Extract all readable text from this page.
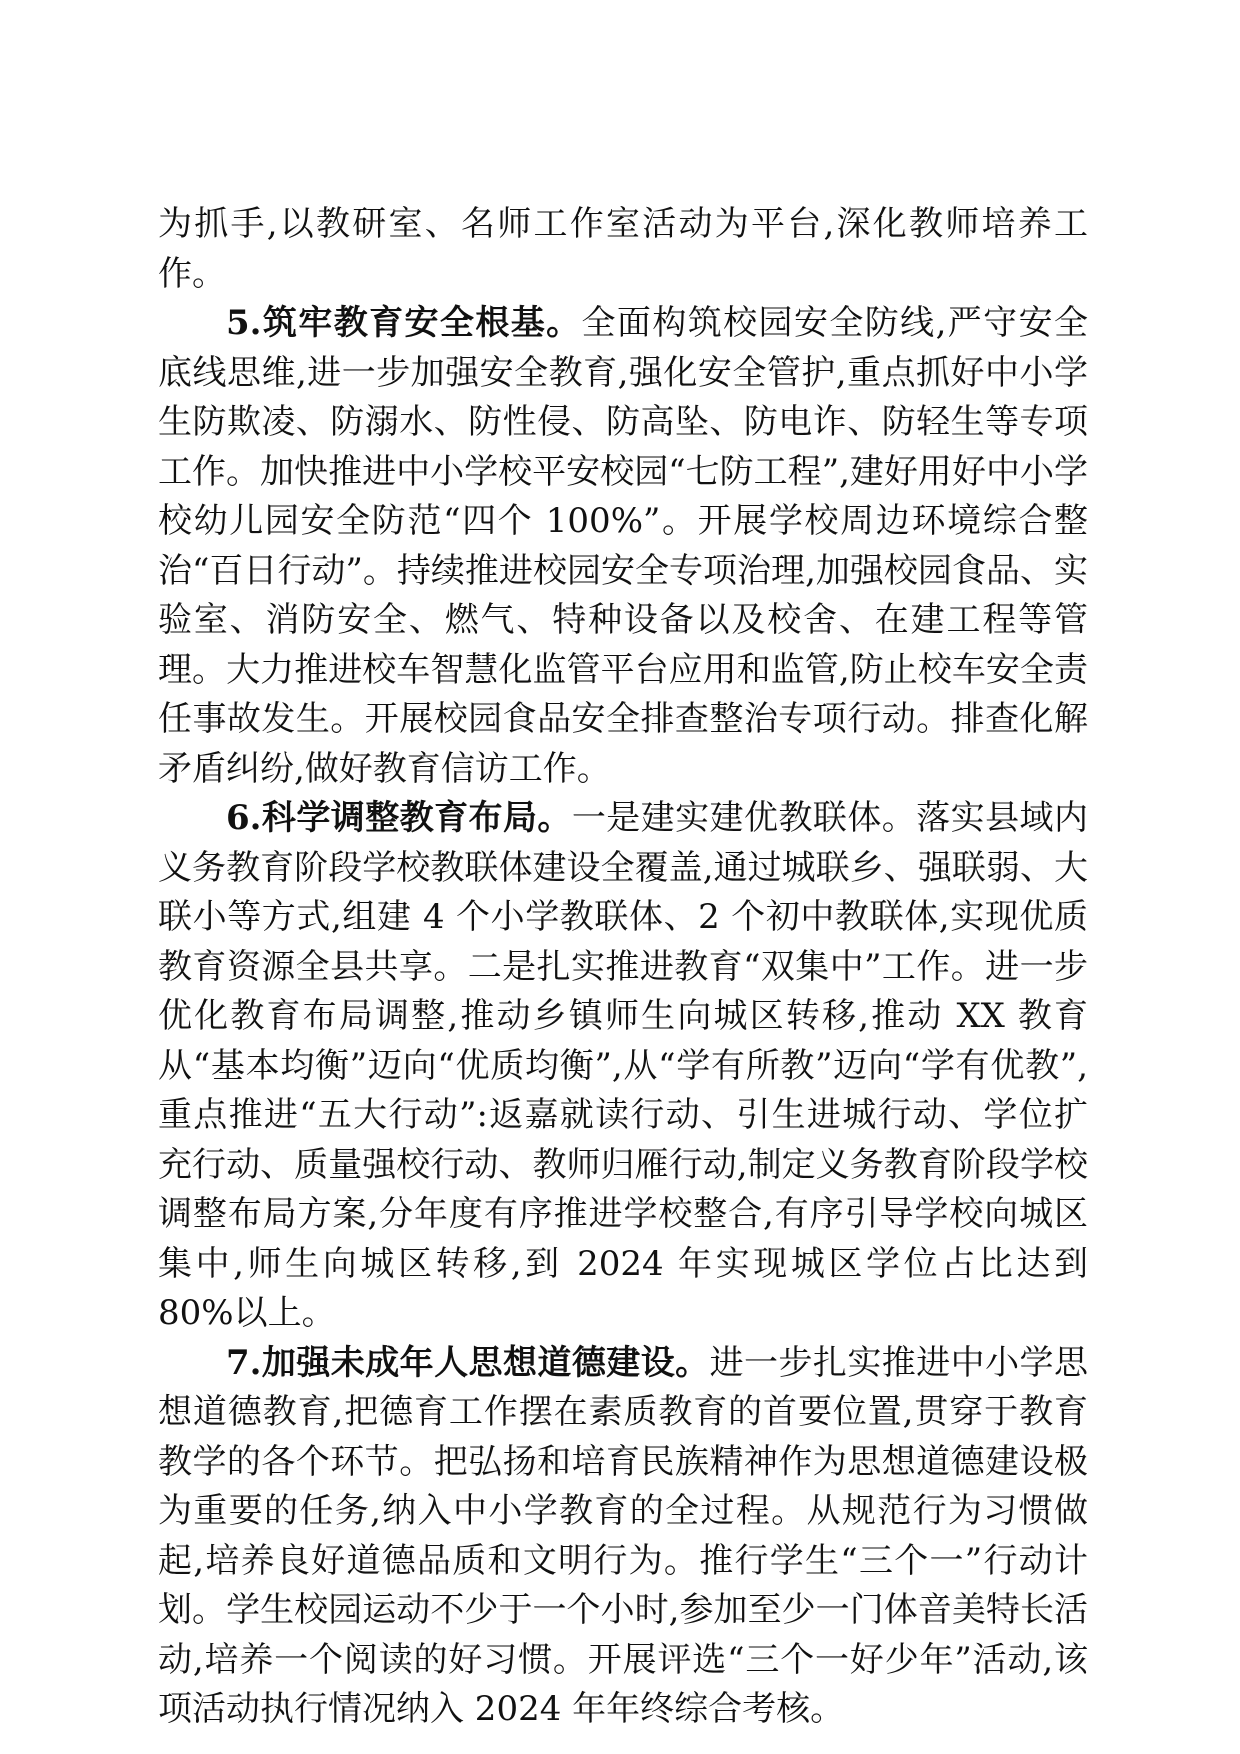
为抓手,以教研室、名师工作室活动为平台,深化教师培养工作。

5.筑牢教育安全根基。全面构筑校园安全防线,严守安全底线思维,进一步加强安全教育,强化安全管护,重点抓好中小学生防欺凌、防溺水、防性侵、防高坠、防电诈、防轻生等专项工作。加快推进中小学校平安校园“七防工程”,建好用好中小学校幼儿园安全防范“四个 100%”。开展学校周边环境综合整治“百日行动”。持续推进校园安全专项治理,加强校园食品、实验室、消防安全、燃气、特种设备以及校舍、在建工程等管理。大力推进校车智慧化监管平台应用和监管,防止校车安全责任事故发生。开展校园食品安全排查整治专项行动。排查化解矛盾纠纷,做好教育信访工作。

6.科学调整教育布局。一是建实建优教联体。落实县域内义务教育阶段学校教联体建设全覆盖,通过城联乡、强联弱、大联小等方式,组建 4 个小学教联体、2 个初中教联体,实现优质教育资源全县共享。二是扎实推进教育“双集中”工作。进一步优化教育布局调整,推动乡镇师生向城区转移,推动 XX 教育从“基本均衡”迈向“优质均衡”,从“学有所教”迈向“学有优教”,重点推进“五大行动”:返嘉就读行动、引生进城行动、学位扩充行动、质量强校行动、教师归雁行动,制定义务教育阶段学校调整布局方案,分年度有序推进学校整合,有序引导学校向城区集中,师生向城区转移,到 2024 年实现城区学位占比达到 80%以上。

7.加强未成年人思想道德建设。进一步扎实推进中小学思想道德教育,把德育工作摆在素质教育的首要位置,贯穿于教育教学的各个环节。把弘扬和培育民族精神作为思想道德建设极为重要的任务,纳入中小学教育的全过程。从规范行为习惯做起,培养良好道德品质和文明行为。推行学生“三个一”行动计划。学生校园运动不少于一个小时,参加至少一门体音美特长活动,培养一个阅读的好习惯。开展评选“三个一好少年”活动,该项活动执行情况纳入 2024 年年终综合考核。
